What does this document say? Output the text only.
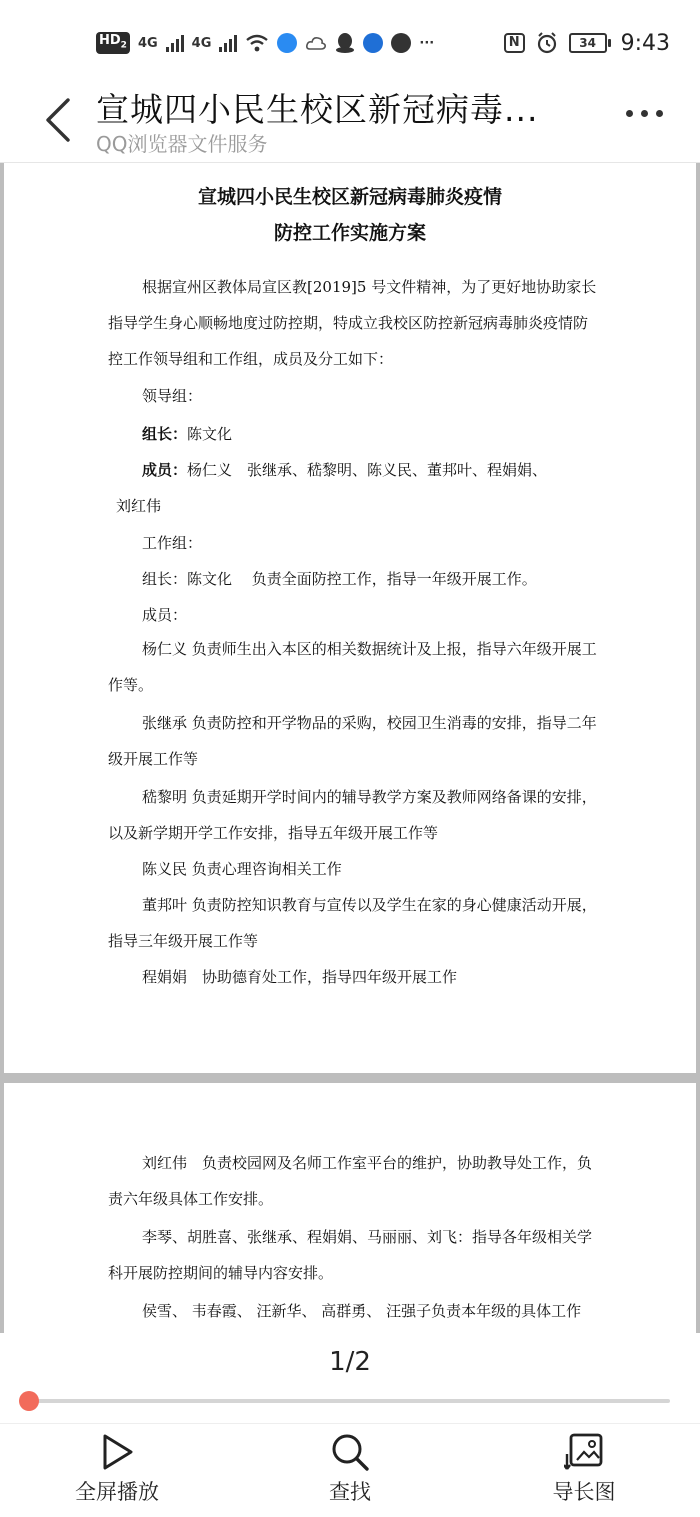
$HD_2$ 4G	4G	···	N	34	9:43
宣城四小民生校区新冠病毒...
QQ浏览器文件服务
宣城四小民生校区新冠病毒肺炎疫情
防控工作实施方案
根据宣州区教体局宣区教[2019]5 号文件精神，为了更好地协助家长指导学生身心顺畅地度过防控期，特成立我校区防控新冠病毒肺炎疫情防控工作领导组和工作组，成员及分工如下：
领导组：
组长：陈文化
成员：杨仁义　张继承、嵇黎明、陈义民、董邦叶、程娟娟、
刘红伟
工作组：
组长：陈文化　 负责全面防控工作，指导一年级开展工作。
成员：
杨仁义 负责师生出入本区的相关数据统计及上报，指导六年级开展工作等。
张继承 负责防控和开学物品的采购，校园卫生消毒的安排，指导二年级开展工作等
嵇黎明 负责延期开学时间内的辅导教学方案及教师网络备课的安排，以及新学期开学工作安排，指导五年级开展工作等
陈义民 负责心理咨询相关工作
董邦叶 负责防控知识教育与宣传以及学生在家的身心健康活动开展，指导三年级开展工作等
程娟娟　协助德育处工作，指导四年级开展工作
刘红伟　负责校园网及名师工作室平台的维护，协助教导处工作，负责六年级具体工作安排。
李琴、胡胜喜、张继承、程娟娟、马丽丽、刘飞：指导各年级相关学科开展防控期间的辅导内容安排。
侯雪、 韦春霞、 汪新华、 高群勇、 汪强子负责本年级的具体工作
1/2
全屏播放	查找	导长图
